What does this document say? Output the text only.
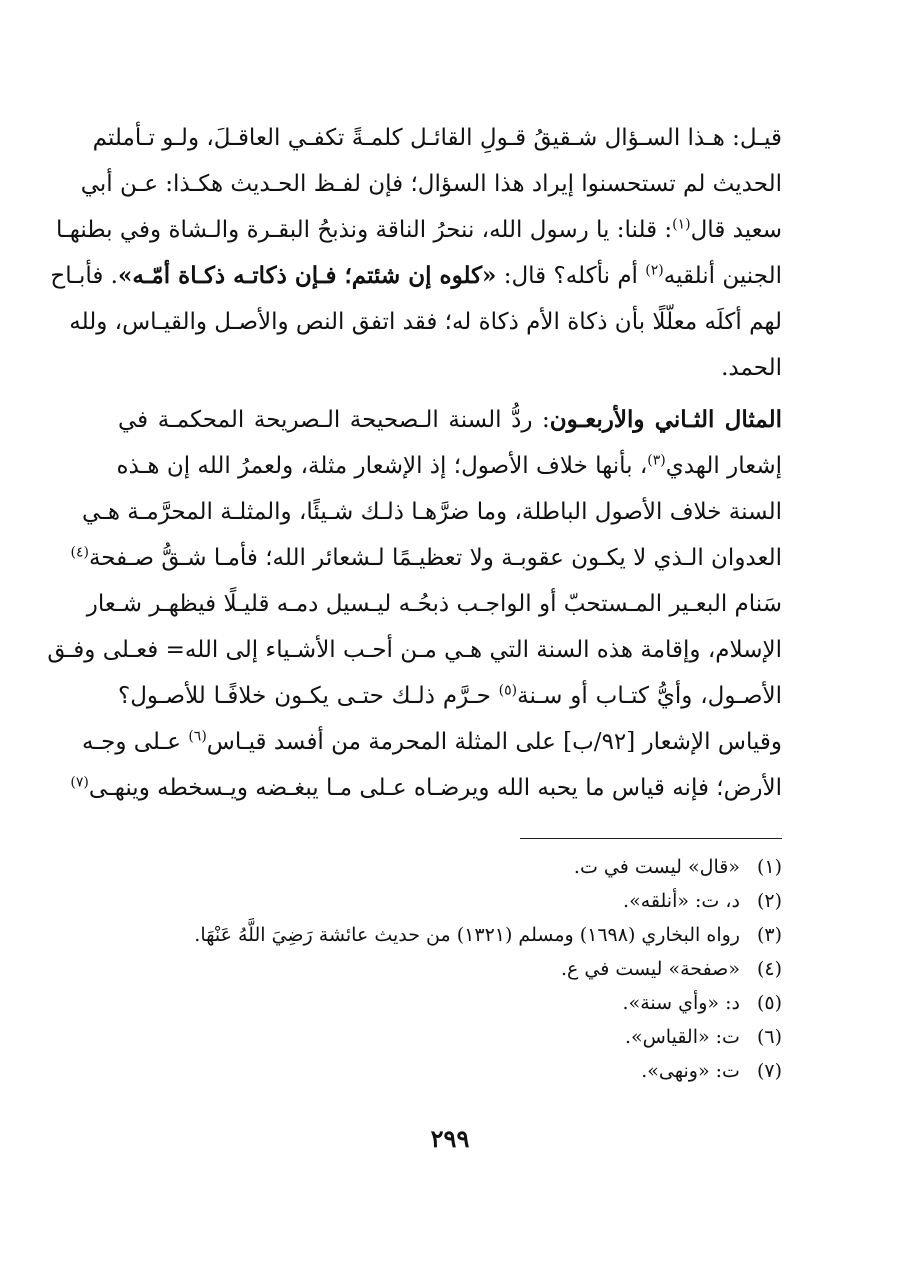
قيـل: هـذا السـؤال شـقيقُ قـولِ القائـل كلمـةً تكفـي العاقـلَ، ولـو تـأملتم
الحديث لم تستحسنوا إيراد هذا السؤال؛ فإن لفـظ الحـديث هكـذا: عـن أبي
سعيد قال$^{(١)}$: قلنا: يا رسول الله، ننحرُ الناقة ونذبحُ البقـرة والـشاة وفي بطنهـا
الجنين أنلقيه$^{(٢)}$ أم نأكله؟ قال: «كلوه إن شئتم؛ فـإن ذكاتـه ذكـاة أمّـه». فأبـاح
لهم أكلَه معلّلًا بأن ذكاة الأم ذكاة له؛ فقد اتفق النص والأصـل والقيـاس، ولله
الحمد.
المثال الثـاني والأربعـون: ردُّ السنة الـصحيحة الـصريحة المحكمـة في
إشعار الهدي$^{(٣)}$، بأنها خلاف الأصول؛ إذ الإشعار مثلة، ولعمرُ الله إن هـذه
السنة خلاف الأصول الباطلة، وما ضرَّهـا ذلـك شـيئًا، والمثلـة المحرَّمـة هـي
العدوان الـذي لا يكـون عقوبـة ولا تعظيـمًا لـشعائر الله؛ فأمـا شـقُّ صـفحة$^{(٤)}$
سَنام البعـير المـستحبّ أو الواجـب ذبحُـه ليـسيل دمـه قليـلًا فيظهـر شـعار
الإسلام، وإقامة هذه السنة التي هـي مـن أحـب الأشـياء إلى الله= فعـلى وفـق
الأصـول، وأيُّ كتـاب أو سـنة$^{(٥)}$ حـرَّم ذلـك حتـى يكـون خلافًـا للأصـول؟
وقياس الإشعار [٩٢/ب] على المثلة المحرمة من أفسد قيـاس$^{(٦)}$ عـلى وجـه
الأرض؛ فإنه قياس ما يحبه الله ويرضـاه عـلى مـا يبغـضه ويـسخطه وينهـى$^{(٧)}$
(١) «قال» ليست في ت.
(٢) د، ت: «أنلقه».
(٣) رواه البخاري (١٦٩٨) ومسلم (١٣٢١) من حديث عائشة رَضِيَ اللَّهُ عَنْهَا.
(٤) «صفحة» ليست في ع.
(٥) د: «وأي سنة».
(٦) ت: «القياس».
(٧) ت: «ونهى».
٢٩٩
